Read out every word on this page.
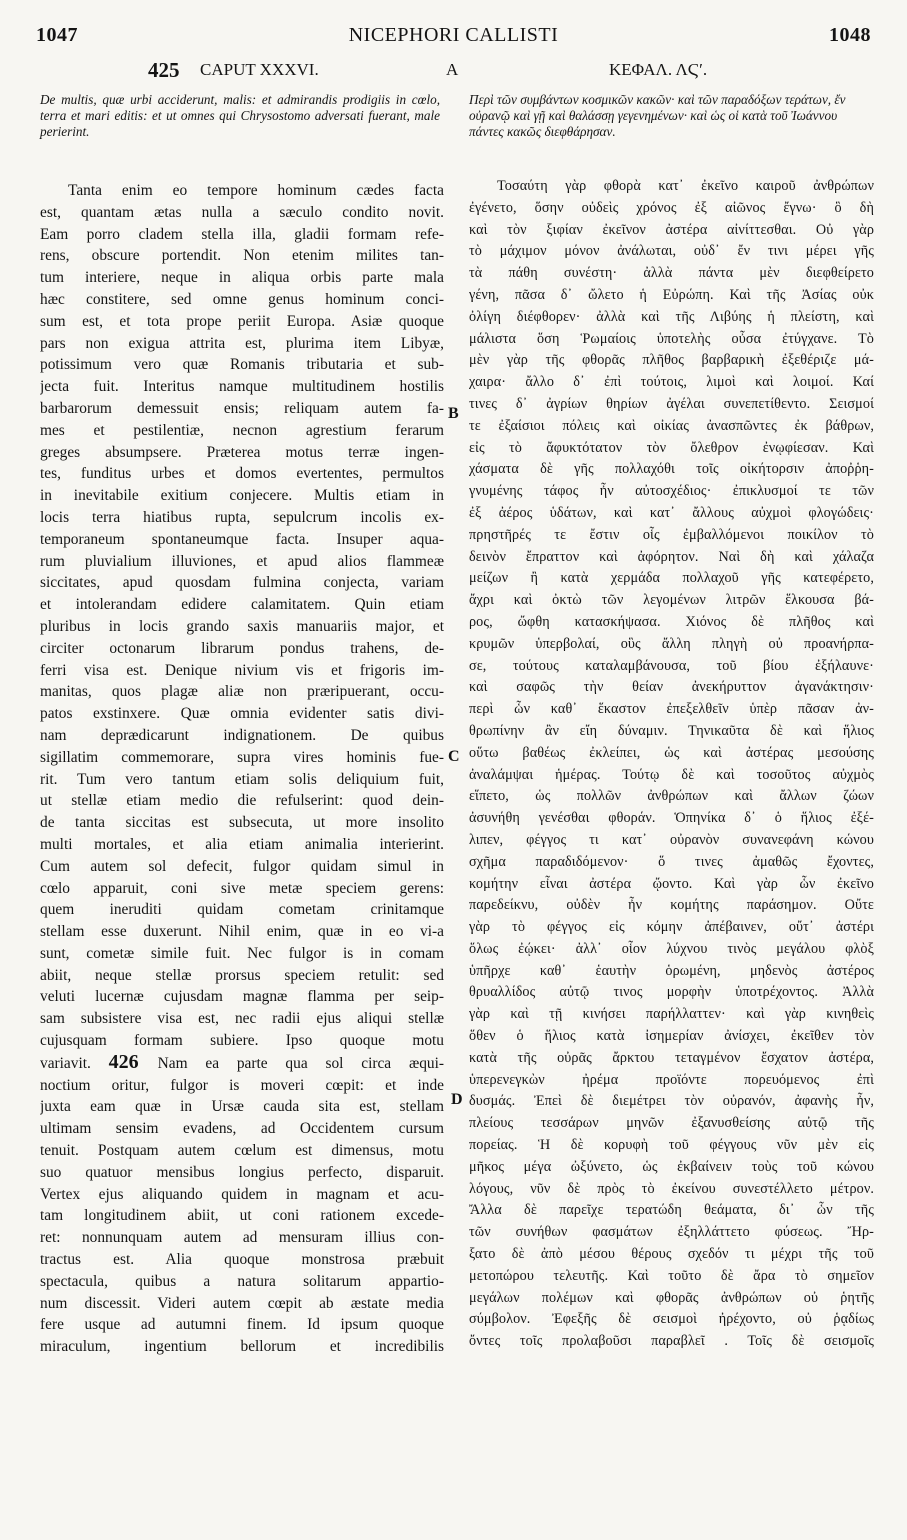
1047	NICEPHORI CALLISTI	1048
425 CAPUT XXXVI.	A	ΚΕΦΑΛ. ΛϚʹ.
De multis, quæ urbi acciderunt, malis: et admirandis prodigiis in cœlo, terra et mari editis: et ut omnes qui Chrysostomo adversati fuerant, male perierint.
Περὶ τῶν συμβάντων κοσμικῶν κακῶν· καὶ τῶν παραδόξων τεράτων, ἔν οὐρανῷ καὶ γῇ καὶ θαλάσσῃ γεγενημένων· καὶ ὡς οἱ κατὰ τοῦ Ἰωάννου πάντες κακῶς διεφθάρησαν.
Tanta enim eo tempore hominum cædes facta
est, quantam ætas nulla a sæculo condito novit.
Eam porro cladem stella illa, gladii formam refe-
rens, obscure portendit. Non etenim milites tan-
tum interiere, neque in aliqua orbis parte mala
hæc constitere, sed omne genus hominum conci-
sum est, et tota prope periit Europa. Asiæ quoque
pars non exigua attrita est, plurima item Libyæ,
potissimum vero quæ Romanis tributaria et sub-
jecta fuit. Interitus namque multitudinem hostilis
barbarorum demessuit ensis; reliquam autem fa-
mes et pestilentiæ, necnon agrestium ferarum
greges absumpsere. Præterea motus terræ ingen-
tes, funditus urbes et domos evertentes, permultos
in inevitabile exitium conjecere. Multis etiam in
locis terra hiatibus rupta, sepulcrum incolis ex-
temporaneum spontaneumque facta. Insuper aqua-
rum pluvialium illuviones, et apud alios flammeæ
siccitates, apud quosdam fulmina conjecta, variam
et intolerandam edidere calamitatem. Quin etiam
pluribus in locis grando saxis manuariis major, et
circiter octonarum librarum pondus trahens, de-
ferri visa est. Denique nivium vis et frigoris im-
manitas, quos plagæ aliæ non præripuerant, occu-
patos exstinxere. Quæ omnia evidenter satis divi-
nam deprædicarunt indignationem. De quibus
sigillatim commemorare, supra vires hominis fue-
rit. Tum vero tantum etiam solis deliquium fuit,
ut stellæ etiam medio die refulserint: quod dein-
de tanta siccitas est subsecuta, ut more insolito
multi mortales, et alia etiam animalia interierint.
Cum autem sol defecit, fulgor quidam simul in
cœlo apparuit, coni sive metæ speciem gerens:
quem ineruditi quidam cometam crinitamque
stellam esse duxerunt. Nihil enim, quæ in eo vi-a
sunt, cometæ simile fuit. Nec fulgor is in comam
abiit, neque stellæ prorsus speciem retulit: sed
veluti lucernæ cujusdam magnæ flamma per seip-
sam subsistere visa est, nec radii ejus aliqui stellæ
cujusquam formam subiere. Ipso quoque motu
variavit. 426 Nam ea parte qua sol circa æqui-
noctium oritur, fulgor is moveri cœpit: et inde
juxta eam quæ in Ursæ cauda sita est, stellam
ultimam sensim evadens, ad Occidentem cursum
tenuit. Postquam autem cœlum est dimensus, motu
suo quatuor mensibus longius perfecto, disparuit.
Vertex ejus aliquando quidem in magnam et acu-
tam longitudinem abiit, ut coni rationem excede-
ret: nonnunquam autem ad mensuram illius con-
tractus est. Alia quoque monstrosa præbuit
spectacula, quibus a natura solitarum appartio-
num discessit. Videri autem cœpit ab æstate media
fere usque ad autumni finem. Id ipsum quoque
miraculum, ingentium bellorum et incredibilis
Τοσαύτη γὰρ φθορὰ κατ᾽ ἐκεῖνο καιροῦ ἀνθρώπων
ἐγένετο, ὅσην οὐδεὶς χρόνος ἐξ αἰῶνος ἔγνω· ὃ δὴ
καὶ τὸν ξιφίαν ἐκεῖνον ἀστέρα αἰνίττεσθαι. Οὐ γὰρ
τὸ μάχιμον μόνον ἀνάλωται, οὐδ᾽ ἔν τινι μέρει γῆς
τὰ πάθη συνέστη· ἀλλὰ πάντα μὲν διεφθείρετο
γένη, πᾶσα δ᾽ ὤλετο ἡ Εὐρώπη. Καὶ τῆς Ἀσίας οὐκ
ὀλίγη διέφθορεν· ἀλλὰ καὶ τῆς Λιβύης ἡ πλείστη, καὶ
μάλιστα ὅση Ῥωμαίοις ὑποτελὴς οὖσα ἐτύγχανε. Τὸ
μὲν γὰρ τῆς φθορᾶς πλῆθος βαρβαρικὴ ἐξεθέριζε μά-
χαιρα· ἄλλο δ᾽ ἐπὶ τούτοις, λιμοὶ καὶ λοιμοί. Καί
τινες δ᾽ ἀγρίων θηρίων ἀγέλαι συνεπετίθεντο. Σεισμοί
τε ἐξαίσιοι πόλεις καὶ οἰκίας ἀνασπῶντες ἐκ βάθρων,
εἰς τὸ ἄφυκτότατον τὸν ὄλεθρον ἐνῳφίεσαν. Καὶ
χάσματα δὲ γῆς πολλαχόθι τοῖς οἰκήτορσιν ἀποῤῥη-
γνυμένης τάφος ἦν αὐτοσχέδιος· ἐπικλυσμοί τε τῶν
ἐξ ἀέρος ὑδάτων, καὶ κατ᾽ ἄλλους αὐχμοὶ φλογώδεις·
πρηστῆρές τε ἔστιν οἷς ἐμβαλλόμενοι ποικίλον τὸ
δεινὸν ἔπραττον καὶ ἀφόρητον. Ναὶ δὴ καὶ χάλαζα
μείζων ἢ κατὰ χερμάδα πολλαχοῦ γῆς κατεφέρετο,
ἄχρι καὶ ὀκτὼ τῶν λεγομένων λιτρῶν ἕλκουσα βά-
ρος, ὤφθη κατασκήψασα. Χιόνος δὲ πλῆθος καὶ
κρυμῶν ὑπερβολαί, οὓς ἄλλη πληγὴ οὐ προανήρπα-
σε, τούτους καταλαμβάνουσα, τοῦ βίου ἐξήλαυνε·
καὶ σαφῶς τὴν θείαν ἀνεκήρυττον ἀγανάκτησιν·
περὶ ὧν καθ᾽ ἕκαστον ἐπεξελθεῖν ὑπὲρ πᾶσαν ἀν-
θρωπίνην ἂν εἴη δύναμιν. Τηνικαῦτα δὲ καὶ ἥλιος
οὕτω βαθέως ἐκλείπει, ὡς καὶ ἀστέρας μεσούσης
ἀναλάμψαι ἡμέρας. Τούτῳ δὲ καὶ τοσοῦτος αὐχμὸς
εἵπετο, ὡς πολλῶν ἀνθρώπων καὶ ἄλλων ζώων
ἀσυνήθη γενέσθαι φθοράν. Ὁπηνίκα δ᾽ ὁ ἥλιος ἐξέ-
λιπεν, φέγγος τι κατ᾽ οὐρανὸν συνανεφάνη κώνου
σχῆμα παραδιδόμενον· ὅ τινες ἀμαθῶς ἔχοντες,
κομήτην εἶναι ἀστέρα ᾤοντο. Καὶ γὰρ ὧν ἐκεῖνο
παρεδείκνυ, οὐδὲν ἦν κομήτης παράσημον. Οὔτε
γὰρ τὸ φέγγος εἰς κόμην ἀπέβαινεν, οὔτ᾽ ἀστέρι
ὅλως ἐῴκει· ἀλλ᾽ οἷον λύχνου τινὸς μεγάλου φλὸξ
ὑπῆρχε καθ᾽ ἑαυτὴν ὁρωμένη, μηδενὸς ἀστέρος
θρυαλλίδος αὐτῷ τινος μορφὴν ὑποτρέχοντος. Ἀλλὰ
γὰρ καὶ τῇ κινήσει παρήλλαττεν· καὶ γὰρ κινηθεὶς
ὅθεν ὁ ἥλιος κατὰ ἰσημερίαν ἀνίσχει, ἐκεῖθεν τὸν
κατὰ τῆς οὐρᾶς ἄρκτου τεταγμένον ἔσχατον ἀστέρα,
ὑπερενεγκὼν ἠρέμα προϊόντε πορευόμενος ἐπὶ
δυσμάς. Ἐπεὶ δὲ διεμέτρει τὸν οὐρανόν, ἀφανὴς ἦν,
πλείους τεσσάρων μηνῶν ἐξανυσθείσης αὐτῷ τῆς
πορείας. Ἡ δὲ κορυφὴ τοῦ φέγγους νῦν μὲν εἰς
μῆκος μέγα ὠξύνετο, ὡς ἐκβαίνειν τοὺς τοῦ κώνου
λόγους, νῦν δὲ πρὸς τὸ ἐκείνου συνεστέλλετο μέτρον.
Ἄλλα δὲ παρεῖχε τερατώδη θεάματα, δι᾽ ὧν τῆς
τῶν συνήθων φασμάτων ἐξηλλάττετο φύσεως. Ἤρ-
ξατο δὲ ἀπὸ μέσου θέρους σχεδόν τι μέχρι τῆς τοῦ
μετοπώρου τελευτῆς. Καὶ τοῦτο δὲ ἄρα τὸ σημεῖον
μεγάλων πολέμων καὶ φθορᾶς ἀνθρώπων οὐ ῥητῆς
σύμβολον. Ἐφεξῆς δὲ σεισμοὶ ἠρέχοντο, οὐ ῥᾳδίως
ὄντες τοῖς προλαβοῦσι παραβλεῖ . Τοῖς δὲ σεισμοῖς
B
C
D
